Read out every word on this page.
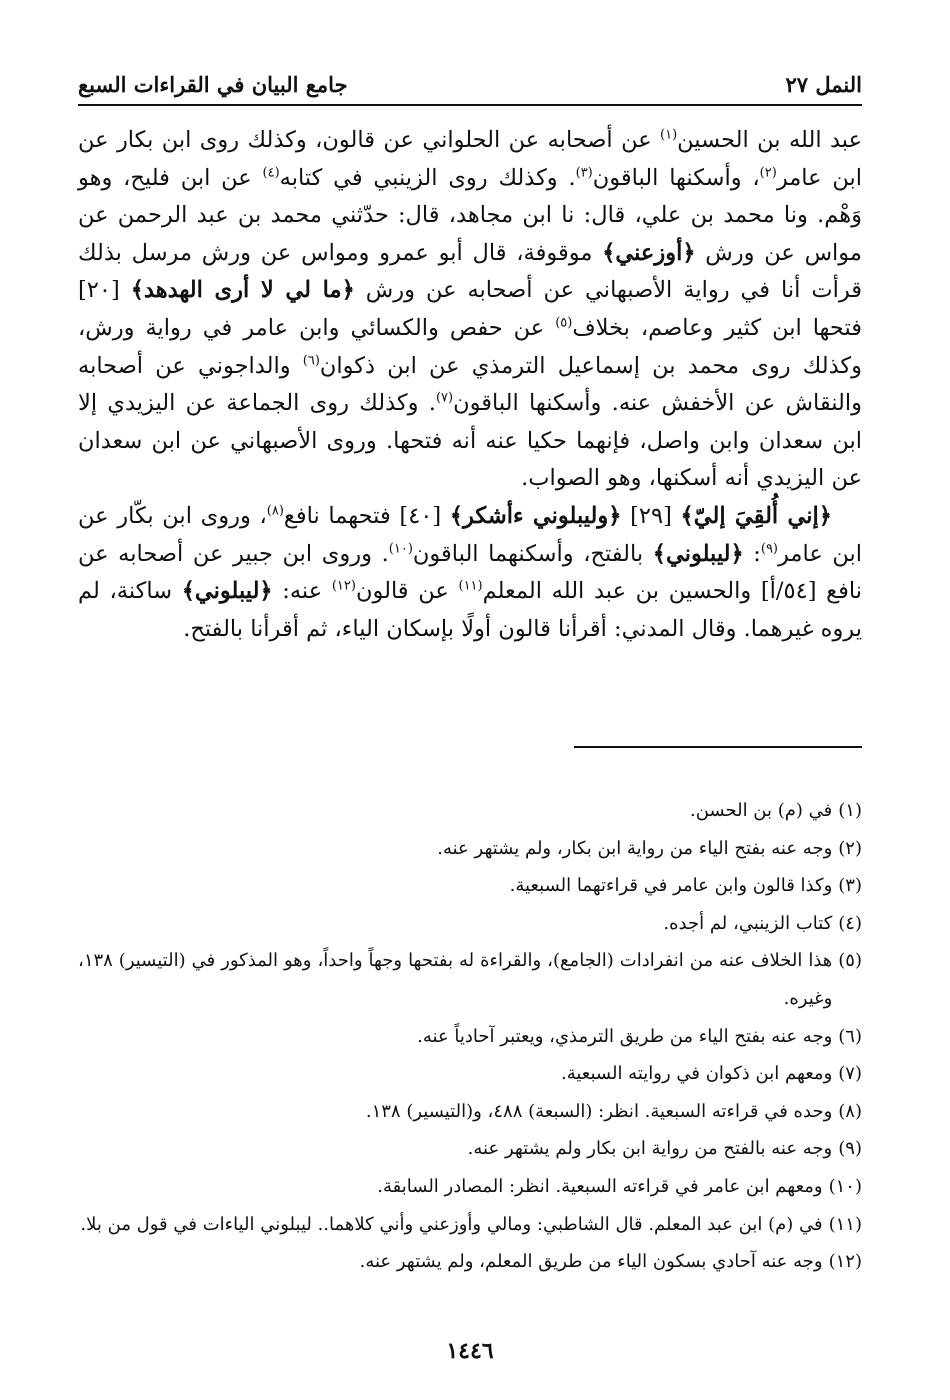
النمل ٢٧
جامع البيان في القراءات السبع

عبد الله بن الحسين$^{(١)}$ عن أصحابه عن الحلواني عن قالون، وكذلك روى ابن بكار عن ابن عامر$^{(٢)}$، وأسكنها الباقون$^{(٣)}$. وكذلك روى الزينبي في كتابه$^{(٤)}$ عن ابن فليح، وهو وَهْم. ونا محمد بن علي، قال: نا ابن مجاهد، قال: حدّثني محمد بن عبد الرحمن عن مواس عن ورش ﴿أوزعني﴾ موقوفة، قال أبو عمرو ومواس عن ورش مرسل بذلك قرأت أنا في رواية الأصبهاني عن أصحابه عن ورش ﴿ما لي لا أرى الهدهد﴾ [٢٠] فتحها ابن كثير وعاصم، بخلاف$^{(٥)}$ عن حفص والكسائي وابن عامر في رواية ورش، وكذلك روى محمد بن إسماعيل الترمذي عن ابن ذكوان$^{(٦)}$ والداجوني عن أصحابه والنقاش عن الأخفش عنه. وأسكنها الباقون$^{(٧)}$. وكذلك روى الجماعة عن اليزيدي إلا ابن سعدان وابن واصل، فإنهما حكيا عنه أنه فتحها. وروى الأصبهاني عن ابن سعدان عن اليزيدي أنه أسكنها، وهو الصواب.

﴿إني أُلقِيَ إليّ﴾ [٢٩] ﴿وليبلوني ءأشكر﴾ [٤٠] فتحهما نافع$^{(٨)}$، وروى ابن بكّار عن ابن عامر$^{(٩)}$: ﴿ليبلوني﴾ بالفتح، وأسكنهما الباقون$^{(١٠)}$. وروى ابن جبير عن أصحابه عن نافع [٥٤/أ] والحسين بن عبد الله المعلم$^{(١١)}$ عن قالون$^{(١٢)}$ عنه: ﴿ليبلوني﴾ ساكنة، لم يروه غيرهما. وقال المدني: أقرأنا قالون أولًا بإسكان الياء، ثم أقرأنا بالفتح.

(١)
في (م) بن الحسن.
(٢)
وجه عنه بفتح الياء من رواية ابن بكار، ولم يشتهر عنه.
(٣)
وكذا قالون وابن عامر في قراءتهما السبعية.
(٤)
كتاب الزينبي، لم أجده.
(٥)
هذا الخلاف عنه من انفرادات (الجامع)، والقراءة له بفتحها وجهاً واحداً، وهو المذكور في (التيسير) ١٣٨، وغيره.
(٦)
وجه عنه بفتح الياء من طريق الترمذي، ويعتبر آحادياً عنه.
(٧)
ومعهم ابن ذكوان في روايته السبعية.
(٨)
وحده في قراءته السبعية. انظر: (السبعة) ٤٨٨، و(التيسير) ١٣٨.
(٩)
وجه عنه بالفتح من رواية ابن بكار ولم يشتهر عنه.
(١٠)
ومعهم ابن عامر في قراءته السبعية. انظر: المصادر السابقة.
(١١)
في (م) ابن عبد المعلم. قال الشاطبي: ومالي وأوزعني وأني كلاهما.. ليبلوني الياءات في قول من بلا.
(١٢)
وجه عنه آحادي بسكون الياء من طريق المعلم، ولم يشتهر عنه.
١٤٤٦
